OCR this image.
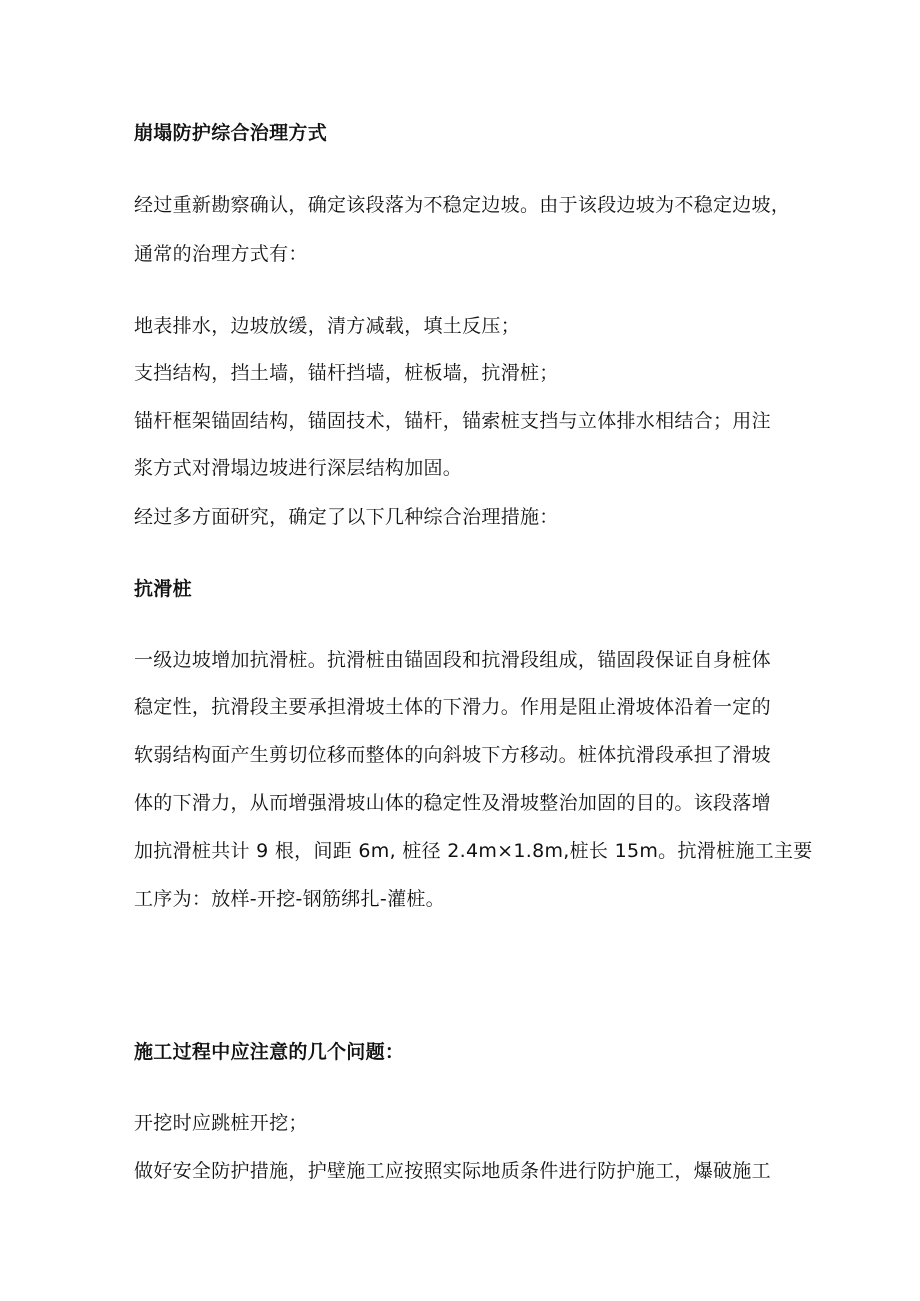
崩塌防护综合治理方式
经过重新勘察确认，确定该段落为不稳定边坡。由于该段边坡为不稳定边坡，
通常的治理方式有：
地表排水，边坡放缓，清方减载，填土反压；
支挡结构，挡土墙，锚杆挡墙，桩板墙，抗滑桩；
锚杆框架锚固结构，锚固技术，锚杆，锚索桩支挡与立体排水相结合；用注
浆方式对滑塌边坡进行深层结构加固。
经过多方面研究，确定了以下几种综合治理措施：
抗滑桩
一级边坡增加抗滑桩。抗滑桩由锚固段和抗滑段组成，锚固段保证自身桩体
稳定性，抗滑段主要承担滑坡土体的下滑力。作用是阻止滑坡体沿着一定的
软弱结构面产生剪切位移而整体的向斜坡下方移动。桩体抗滑段承担了滑坡
体的下滑力，从而增强滑坡山体的稳定性及滑坡整治加固的目的。该段落增
加抗滑桩共计 9 根，间距 6m, 桩径 2.4m×1.8m,桩长 15m。抗滑桩施工主要
工序为：放样-开挖-钢筋绑扎-灌桩。
施工过程中应注意的几个问题：
开挖时应跳桩开挖；
做好安全防护措施，护壁施工应按照实际地质条件进行防护施工，爆破施工
